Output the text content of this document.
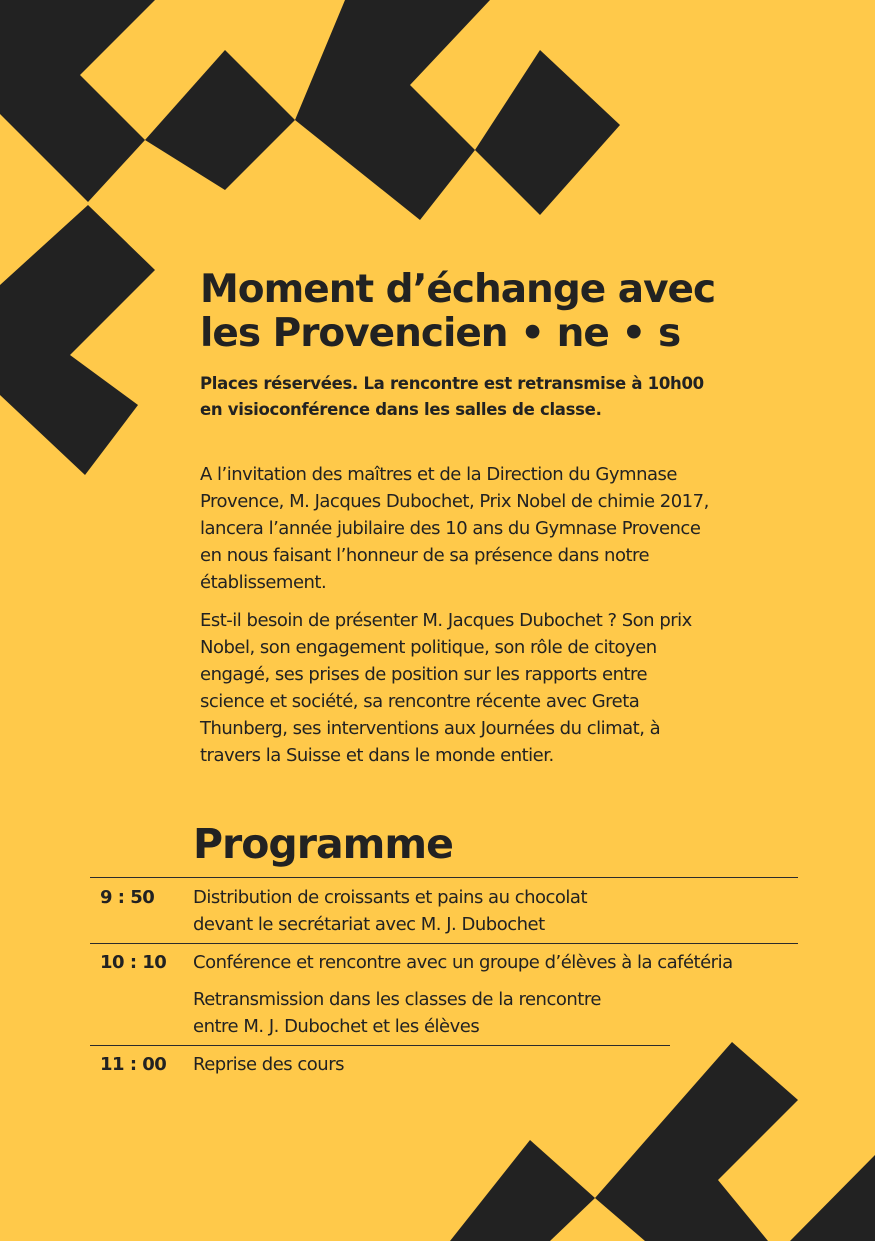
Moment d’échange avec
les Provencien • ne • s

Places réservées. La rencontre est retransmise à 10h00
en visioconférence dans les salles de classe.

A l’invitation des maîtres et de la Direction du Gymnase
Provence, M. Jacques Dubochet, Prix Nobel de chimie 2017,
lancera l’année jubilaire des 10 ans du Gymnase Provence
en nous faisant l’honneur de sa présence dans notre
établissement.

Est-il besoin de présenter M. Jacques Dubochet ? Son prix
Nobel, son engagement politique, son rôle de citoyen
engagé, ses prises de position sur les rapports entre
science et société, sa rencontre récente avec Greta
Thunberg, ses interventions aux Journées du climat, à
travers la Suisse et dans le monde entier.

Programme
9 : 50 Distribution de croissants et pains au chocolat
devant le secrétariat avec M. J. Dubochet
10 : 10 Conférence et rencontre avec un groupe d’élèves à la cafétéria
Retransmission dans les classes de la rencontre
entre M. J. Dubochet et les élèves
11 : 00 Reprise des cours
